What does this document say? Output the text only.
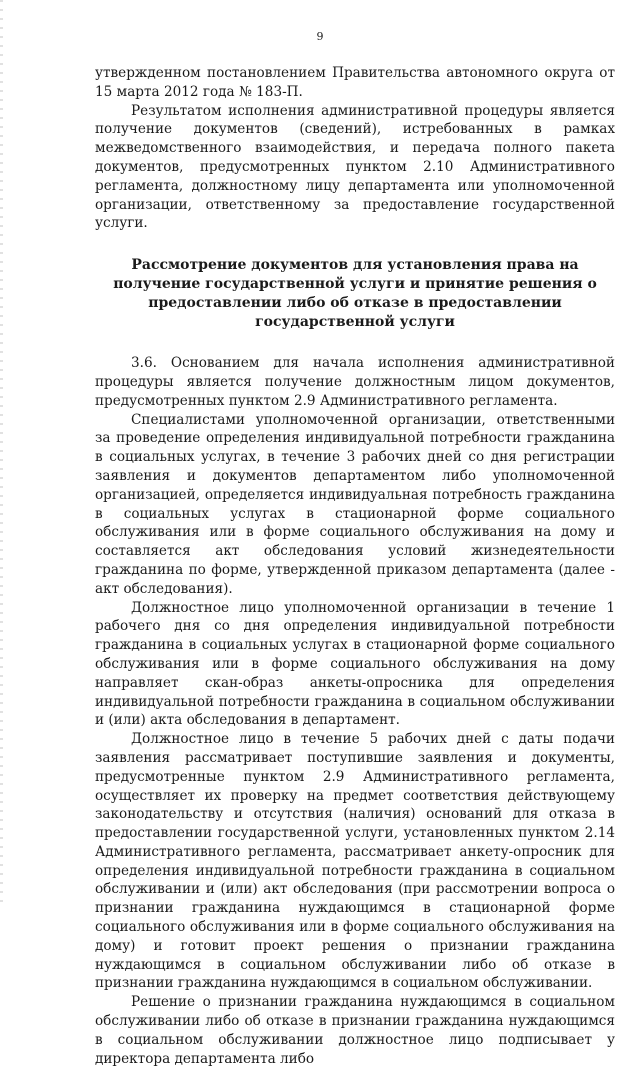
9

утвержденном постановлением Правительства автономного округа от 15 марта 2012 года № 183-П.

Результатом исполнения административной процедуры является получение документов (сведений), истребованных в рамках межведомственного взаимодействия, и передача полного пакета документов, предусмотренных пунктом 2.10 Административного регламента, должностному лицу департамента или уполномоченной организации, ответственному за предоставление государственной услуги.

Рассмотрение документов для установления права на получение государственной услуги и принятие решения о предоставлении либо об отказе в предоставлении государственной услуги

3.6. Основанием для начала исполнения административной процедуры является получение должностным лицом документов, предусмотренных пунктом 2.9 Административного регламента.

Специалистами уполномоченной организации, ответственными за проведение определения индивидуальной потребности гражданина в социальных услугах, в течение 3 рабочих дней со дня регистрации заявления и документов департаментом либо уполномоченной организацией, определяется индивидуальная потребность гражданина в социальных услугах в стационарной форме социального обслуживания или в форме социального обслуживания на дому и составляется акт обследования условий жизнедеятельности гражданина по форме, утвержденной приказом департамента (далее - акт обследования).

Должностное лицо уполномоченной организации в течение 1 рабочего дня со дня определения индивидуальной потребности гражданина в социальных услугах в стационарной форме социального обслуживания или в форме социального обслуживания на дому направляет скан-образ анкеты-опросника для определения индивидуальной потребности гражданина в социальном обслуживании и (или) акта обследования в департамент.

Должностное лицо в течение 5 рабочих дней с даты подачи заявления рассматривает поступившие заявления и документы, предусмотренные пунктом 2.9 Административного регламента, осуществляет их проверку на предмет соответствия действующему законодательству и отсутствия (наличия) оснований для отказа в предоставлении государственной услуги, установленных пунктом 2.14 Административного регламента, рассматривает анкету-опросник для определения индивидуальной потребности гражданина в социальном обслуживании и (или) акт обследования (при рассмотрении вопроса о признании гражданина нуждающимся в стационарной форме социального обслуживания или в форме социального обслуживания на дому) и готовит проект решения о признании гражданина нуждающимся в социальном обслуживании либо об отказе в признании гражданина нуждающимся в социальном обслуживании.

Решение о признании гражданина нуждающимся в социальном обслуживании либо об отказе в признании гражданина нуждающимся в социальном обслуживании должностное лицо подписывает у директора департамента либо
